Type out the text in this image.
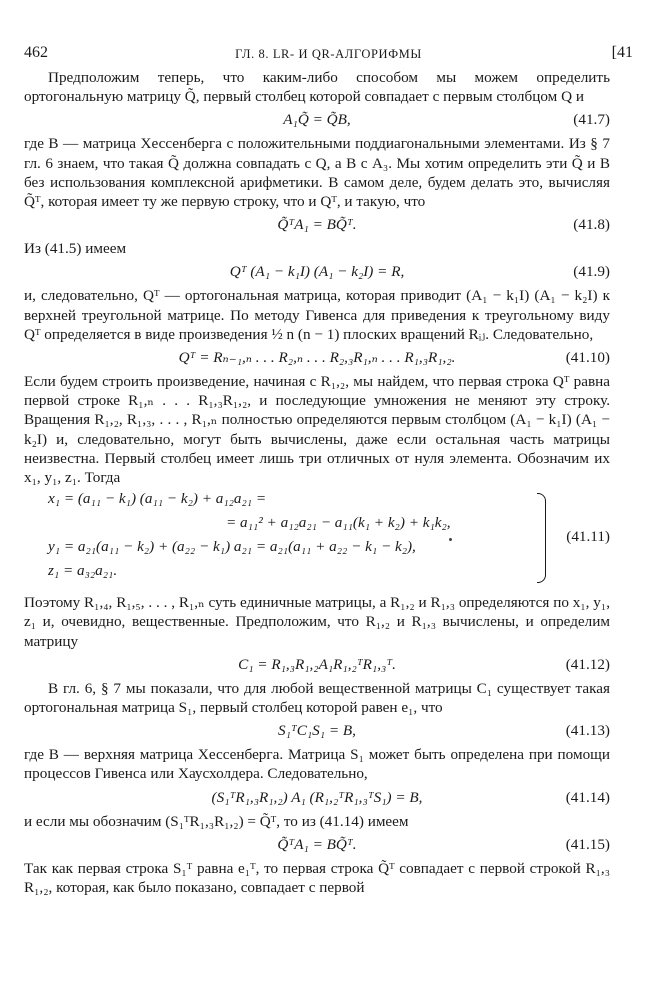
462	ГЛ. 8. LR- И QR-АЛГОРИФМЫ	[41

Предположим теперь, что каким-либо способом мы можем определить ортогональную матрицу Q̃, первый столбец которой совпадает с первым столбцом Q и

A₁Q̃ = Q̃B,	(41.7)

где B — матрица Хессенберга с положительными поддиагональными элементами. Из § 7 гл. 6 знаем, что такая Q̃ должна совпадать с Q, а B с A₃. Мы хотим определить эти Q̃ и B без использования комплексной арифметики. В самом деле, будем делать это, вычисляя Q̃ᵀ, которая имеет ту же первую строку, что и Qᵀ, и такую, что

Q̃ᵀA₁ = BQ̃ᵀ.	(41.8)

Из (41.5) имеем

Qᵀ (A₁ − k₁I) (A₁ − k₂I) = R,	(41.9)

и, следовательно, Qᵀ — ортогональная матрица, которая приводит (A₁ − k₁I) (A₁ − k₂I) к верхней треугольной матрице. По методу Гивенса для приведения к треугольному виду Qᵀ определяется в виде произведения ½ n (n − 1) плоских вращений Rᵢⱼ. Следовательно,

Qᵀ = Rₙ₋₁,ₙ . . . R₂,ₙ . . . R₂,₃R₁,ₙ . . . R₁,₃R₁,₂.	(41.10)

Если будем строить произведение, начиная с R₁,₂, мы найдем, что первая строка Qᵀ равна первой строке R₁,ₙ . . . R₁,₃R₁,₂, и последующие умножения не меняют эту строку. Вращения R₁,₂, R₁,₃, . . . , R₁,ₙ полностью определяются первым столбцом (A₁ − k₁I) (A₁ − k₂I) и, следовательно, могут быть вычислены, даже если остальная часть матрицы неизвестна. Первый столбец имеет лишь три отличных от нуля элемента. Обозначим их x₁, y₁, z₁. Тогда

x₁ = (a₁₁ − k₁) (a₁₁ − k₂) + a₁₂a₂₁ =
= a₁₁² + a₁₂a₂₁ − a₁₁(k₁ + k₂) + k₁k₂,
y₁ = a₂₁(a₁₁ − k₂) + (a₂₂ − k₁) a₂₁ = a₂₁(a₁₁ + a₂₂ − k₁ − k₂),
z₁ = a₃₂a₂₁.
(41.11)

Поэтому R₁,₄, R₁,₅, . . . , R₁,ₙ суть единичные матрицы, а R₁,₂ и R₁,₃ определяются по x₁, y₁, z₁ и, очевидно, вещественные. Предположим, что R₁,₂ и R₁,₃ вычислены, и определим матрицу

C₁ = R₁,₃R₁,₂A₁R₁,₂ᵀR₁,₃ᵀ.	(41.12)

В гл. 6, § 7 мы показали, что для любой вещественной матрицы C₁ существует такая ортогональная матрица S₁, первый столбец которой равен e₁, что

S₁ᵀC₁S₁ = B,	(41.13)

где B — верхняя матрица Хессенберга. Матрица S₁ может быть определена при помощи процессов Гивенса или Хаусхолдера. Следовательно,

(S₁ᵀR₁,₃R₁,₂) A₁ (R₁,₂ᵀR₁,₃ᵀS₁) = B,	(41.14)

и если мы обозначим (S₁ᵀR₁,₃R₁,₂) = Q̃ᵀ, то из (41.14) имеем

Q̃ᵀA₁ = BQ̃ᵀ.	(41.15)

Так как первая строка S₁ᵀ равна e₁ᵀ, то первая строка Q̃ᵀ совпадает с первой строкой R₁,₃ R₁,₂, которая, как было показано, совпадает с первой
